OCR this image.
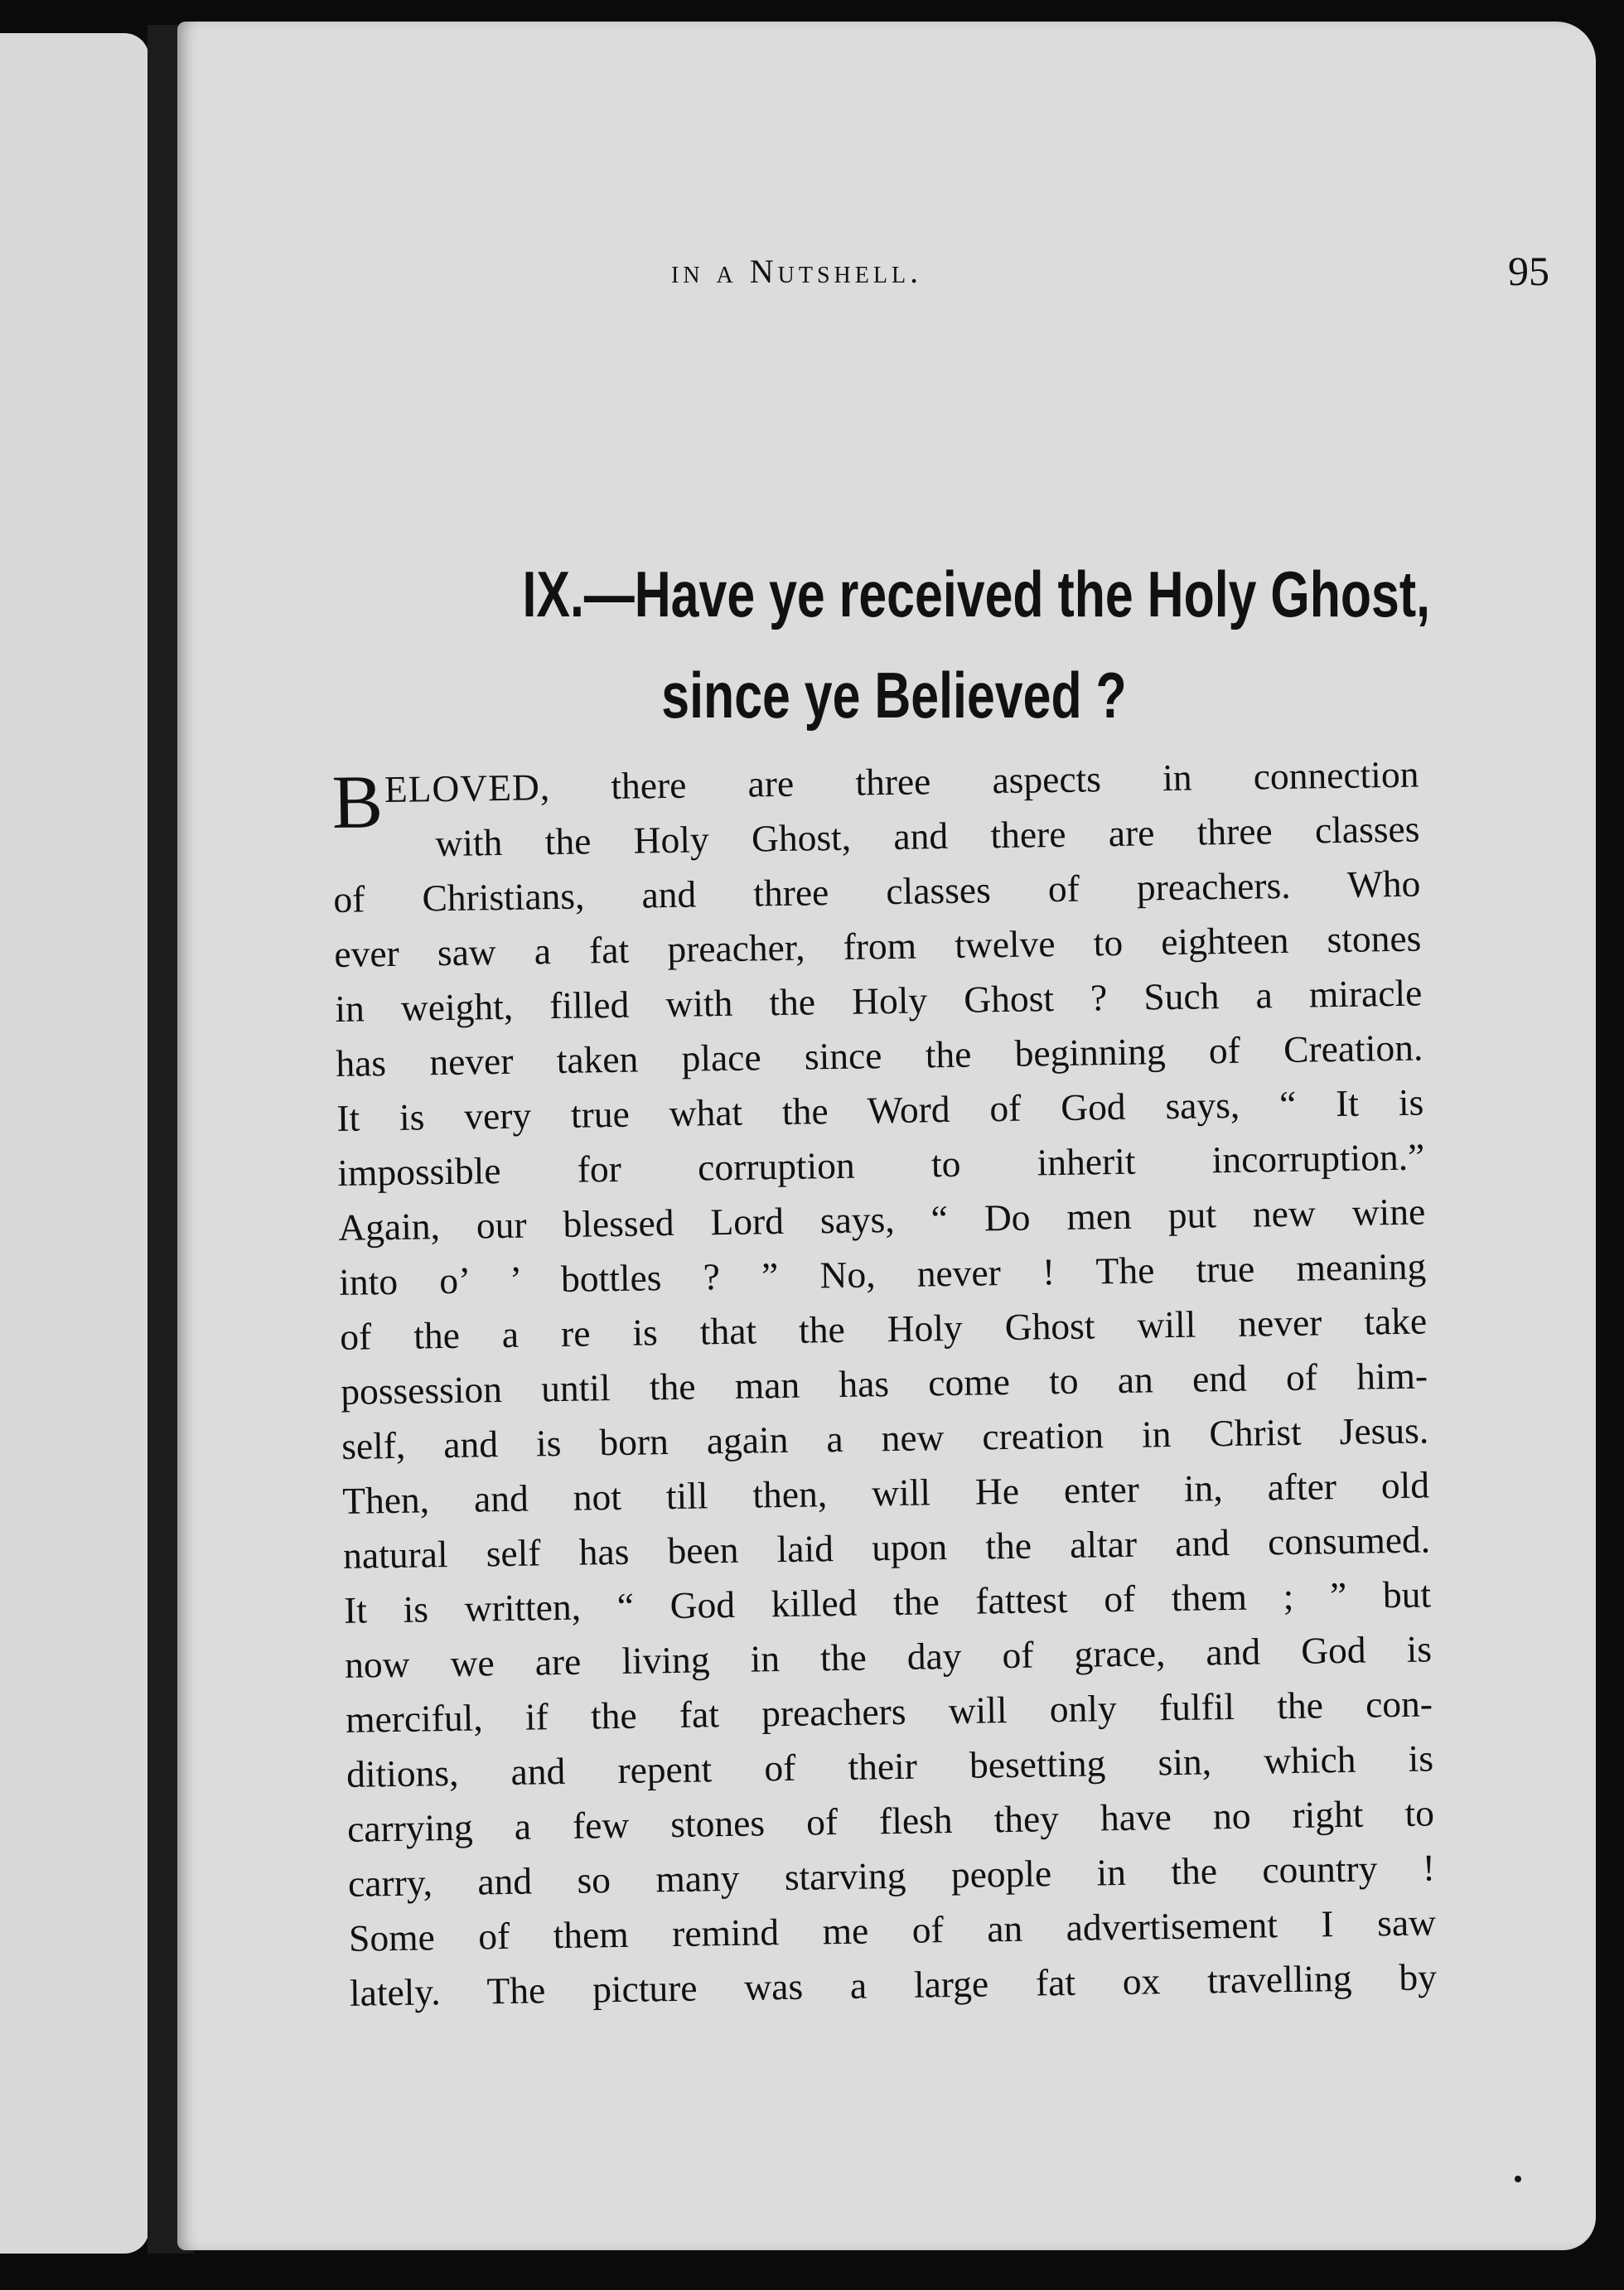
in a Nutshell.	95
IX.—Have ye received the Holy Ghost,
since ye Believed ?
BELOVED, there are three aspects in connection
with the Holy Ghost, and there are three classes
of Christians, and three classes of preachers. Who
ever saw a fat preacher, from twelve to eighteen stones
in weight, filled with the Holy Ghost ? Such a miracle
has never taken place since the beginning of Creation.
It is very true what the Word of God says, “ It is
impossible for corruption to inherit incorruption.”
Again, our blessed Lord says, “ Do men put new wine
into o’ ’ bottles ? ” No, never ! The true meaning
of the a re is that the Holy Ghost will never take
possession until the man has come to an end of him-
self, and is born again a new creation in Christ Jesus.
Then, and not till then, will He enter in, after old
natural self has been laid upon the altar and consumed.
It is written, “ God killed the fattest of them ; ” but
now we are living in the day of grace, and God is
merciful, if the fat preachers will only fulfil the con-
ditions, and repent of their besetting sin, which is
carrying a few stones of flesh they have no right to
carry, and so many starving people in the country !
Some of them remind me of an advertisement I saw
lately. The picture was a large fat ox travelling by
